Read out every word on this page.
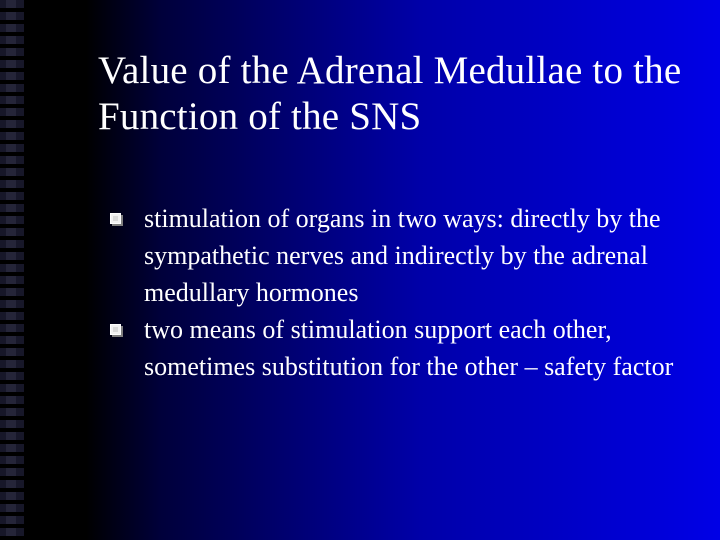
Value of the Adrenal Medullae to the Function of the SNS
stimulation of organs in two ways: directly by the sympathetic nerves and indirectly by the adrenal medullary hormones
two means of stimulation support each other, sometimes substitution for the other – safety factor
